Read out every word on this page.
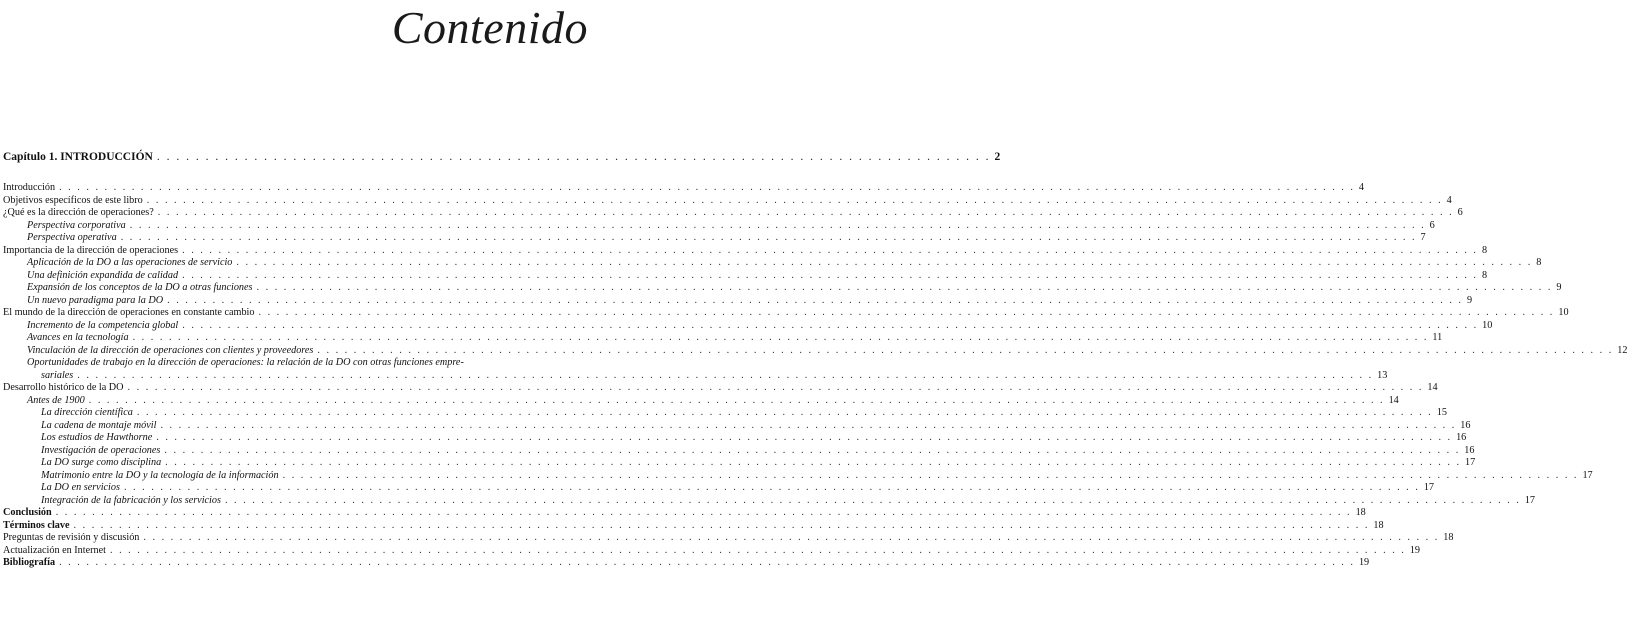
Contenido
Capítulo 1. INTRODUCCIÓN . . . . . . . . . . . . . . . . . . . . . . . . . . . . . . . . . . . . . . . . . . . . . . . . . . . . . . . . . . . . . . . . . . . . . . . . . . . . . . . . . . . . . . 2
Introducción . . .	4
Objetivos específicos de este libro . . .	4
¿Qué es la dirección de operaciones? . . .	6
Perspectiva corporativa . . .	6
Perspectiva operativa . . .	7
Importancia de la dirección de operaciones . . .	8
Aplicación de la DO a las operaciones de servicio . . .	8
Una definición expandida de calidad . . .	8
Expansión de los conceptos de la DO a otras funciones . . .	9
Un nuevo paradigma para la DO . . .	9
El mundo de la dirección de operaciones en constante cambio . . .	10
Incremento de la competencia global . . .	10
Avances en la tecnología . . .	11
Vinculación de la dirección de operaciones con clientes y proveedores . . .	12
Oportunidades de trabajo en la dirección de operaciones: la relación de la DO con otras funciones empre-
sariales . . .	13
Desarrollo histórico de la DO . . .	14
Antes de 1900 . . .	14
La dirección científica . . .	15
La cadena de montaje móvil . . .	16
Los estudios de Hawthorne . . .	16
Investigación de operaciones . . .	16
La DO surge como disciplina . . .	17
Matrimonio entre la DO y la tecnología de la información . . .	17
La DO en servicios . . .	17
Integración de la fabricación y los servicios . . .	17
Conclusión . . .	18
Términos clave . . .	18
Preguntas de revisión y discusión . . .	18
Actualización en Internet . . .	19
Bibliografía . . .	19
